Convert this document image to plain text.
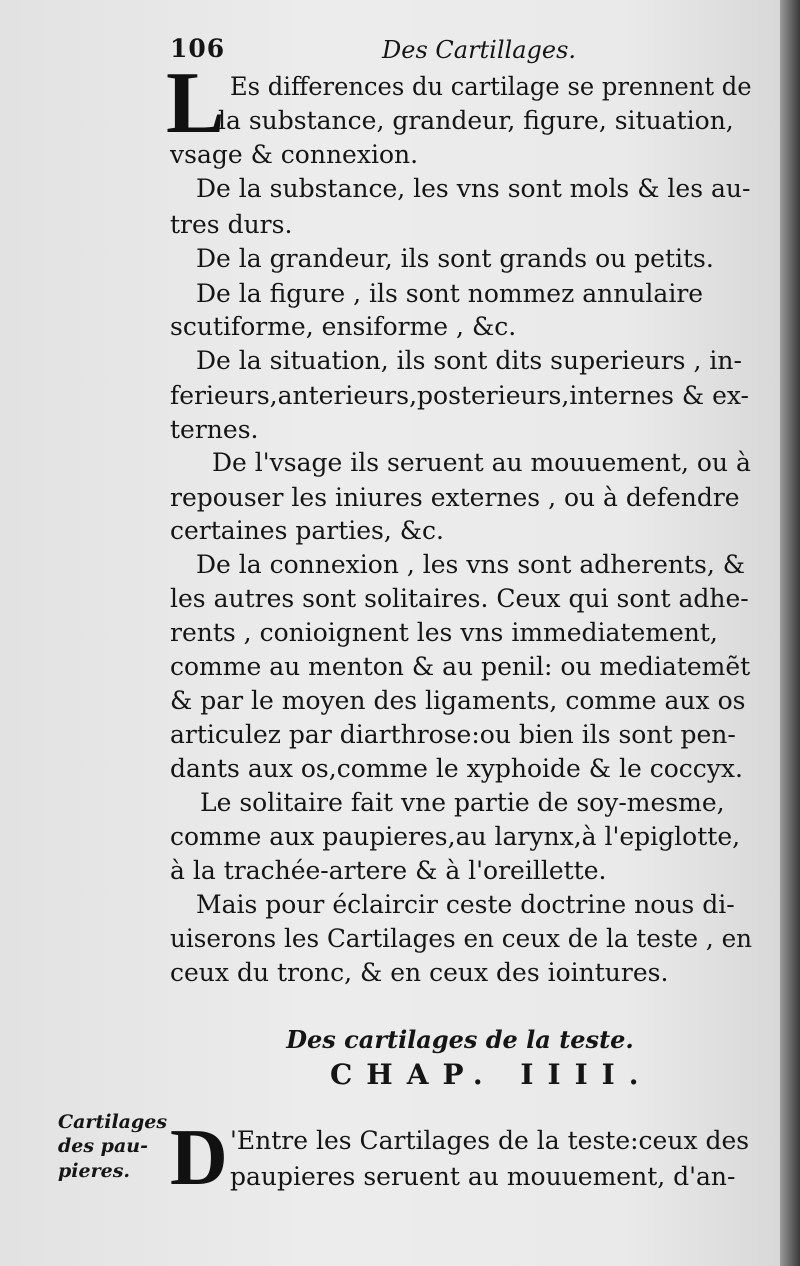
106	Des Cartillages.
L Es differences du cartilage se prennent de
la substance, grandeur, figure, situation,
vsage & connexion.
De la substance, les vns sont mols & les au-
tres durs.
De la grandeur, ils sont grands ou petits.
De la figure , ils sont nommez annulaire
scutiforme, ensiforme , &c.
De la situation, ils sont dits superieurs , in-
ferieurs,anterieurs,posterieurs,internes & ex-
ternes.
De l'vsage ils seruent au mouuement, ou à
repouser les iniures externes , ou à defendre
certaines parties, &c.
De la connexion , les vns sont adherents, &
les autres sont solitaires. Ceux qui sont adhe-
rents , conioignent les vns immediatement,
comme au menton & au penil: ou mediatemẽt
& par le moyen des ligaments, comme aux os
articulez par diarthrose:ou bien ils sont pen-
dants aux os,comme le xyphoide & le coccyx.
Le solitaire fait vne partie de soy-mesme,
comme aux paupieres,au larynx,à l'epiglotte,
à la trachée-artere & à l'oreillette.
Mais pour éclaircir ceste doctrine nous di-
uiserons les Cartilages en ceux de la teste , en
ceux du tronc, & en ceux des iointures.
Des cartilages de la teste.
CHAP. IIII.
Cartilages
des pau-
pieres. D 'Entre les Cartilages de la teste:ceux des
paupieres seruent au mouuement, d'an-
